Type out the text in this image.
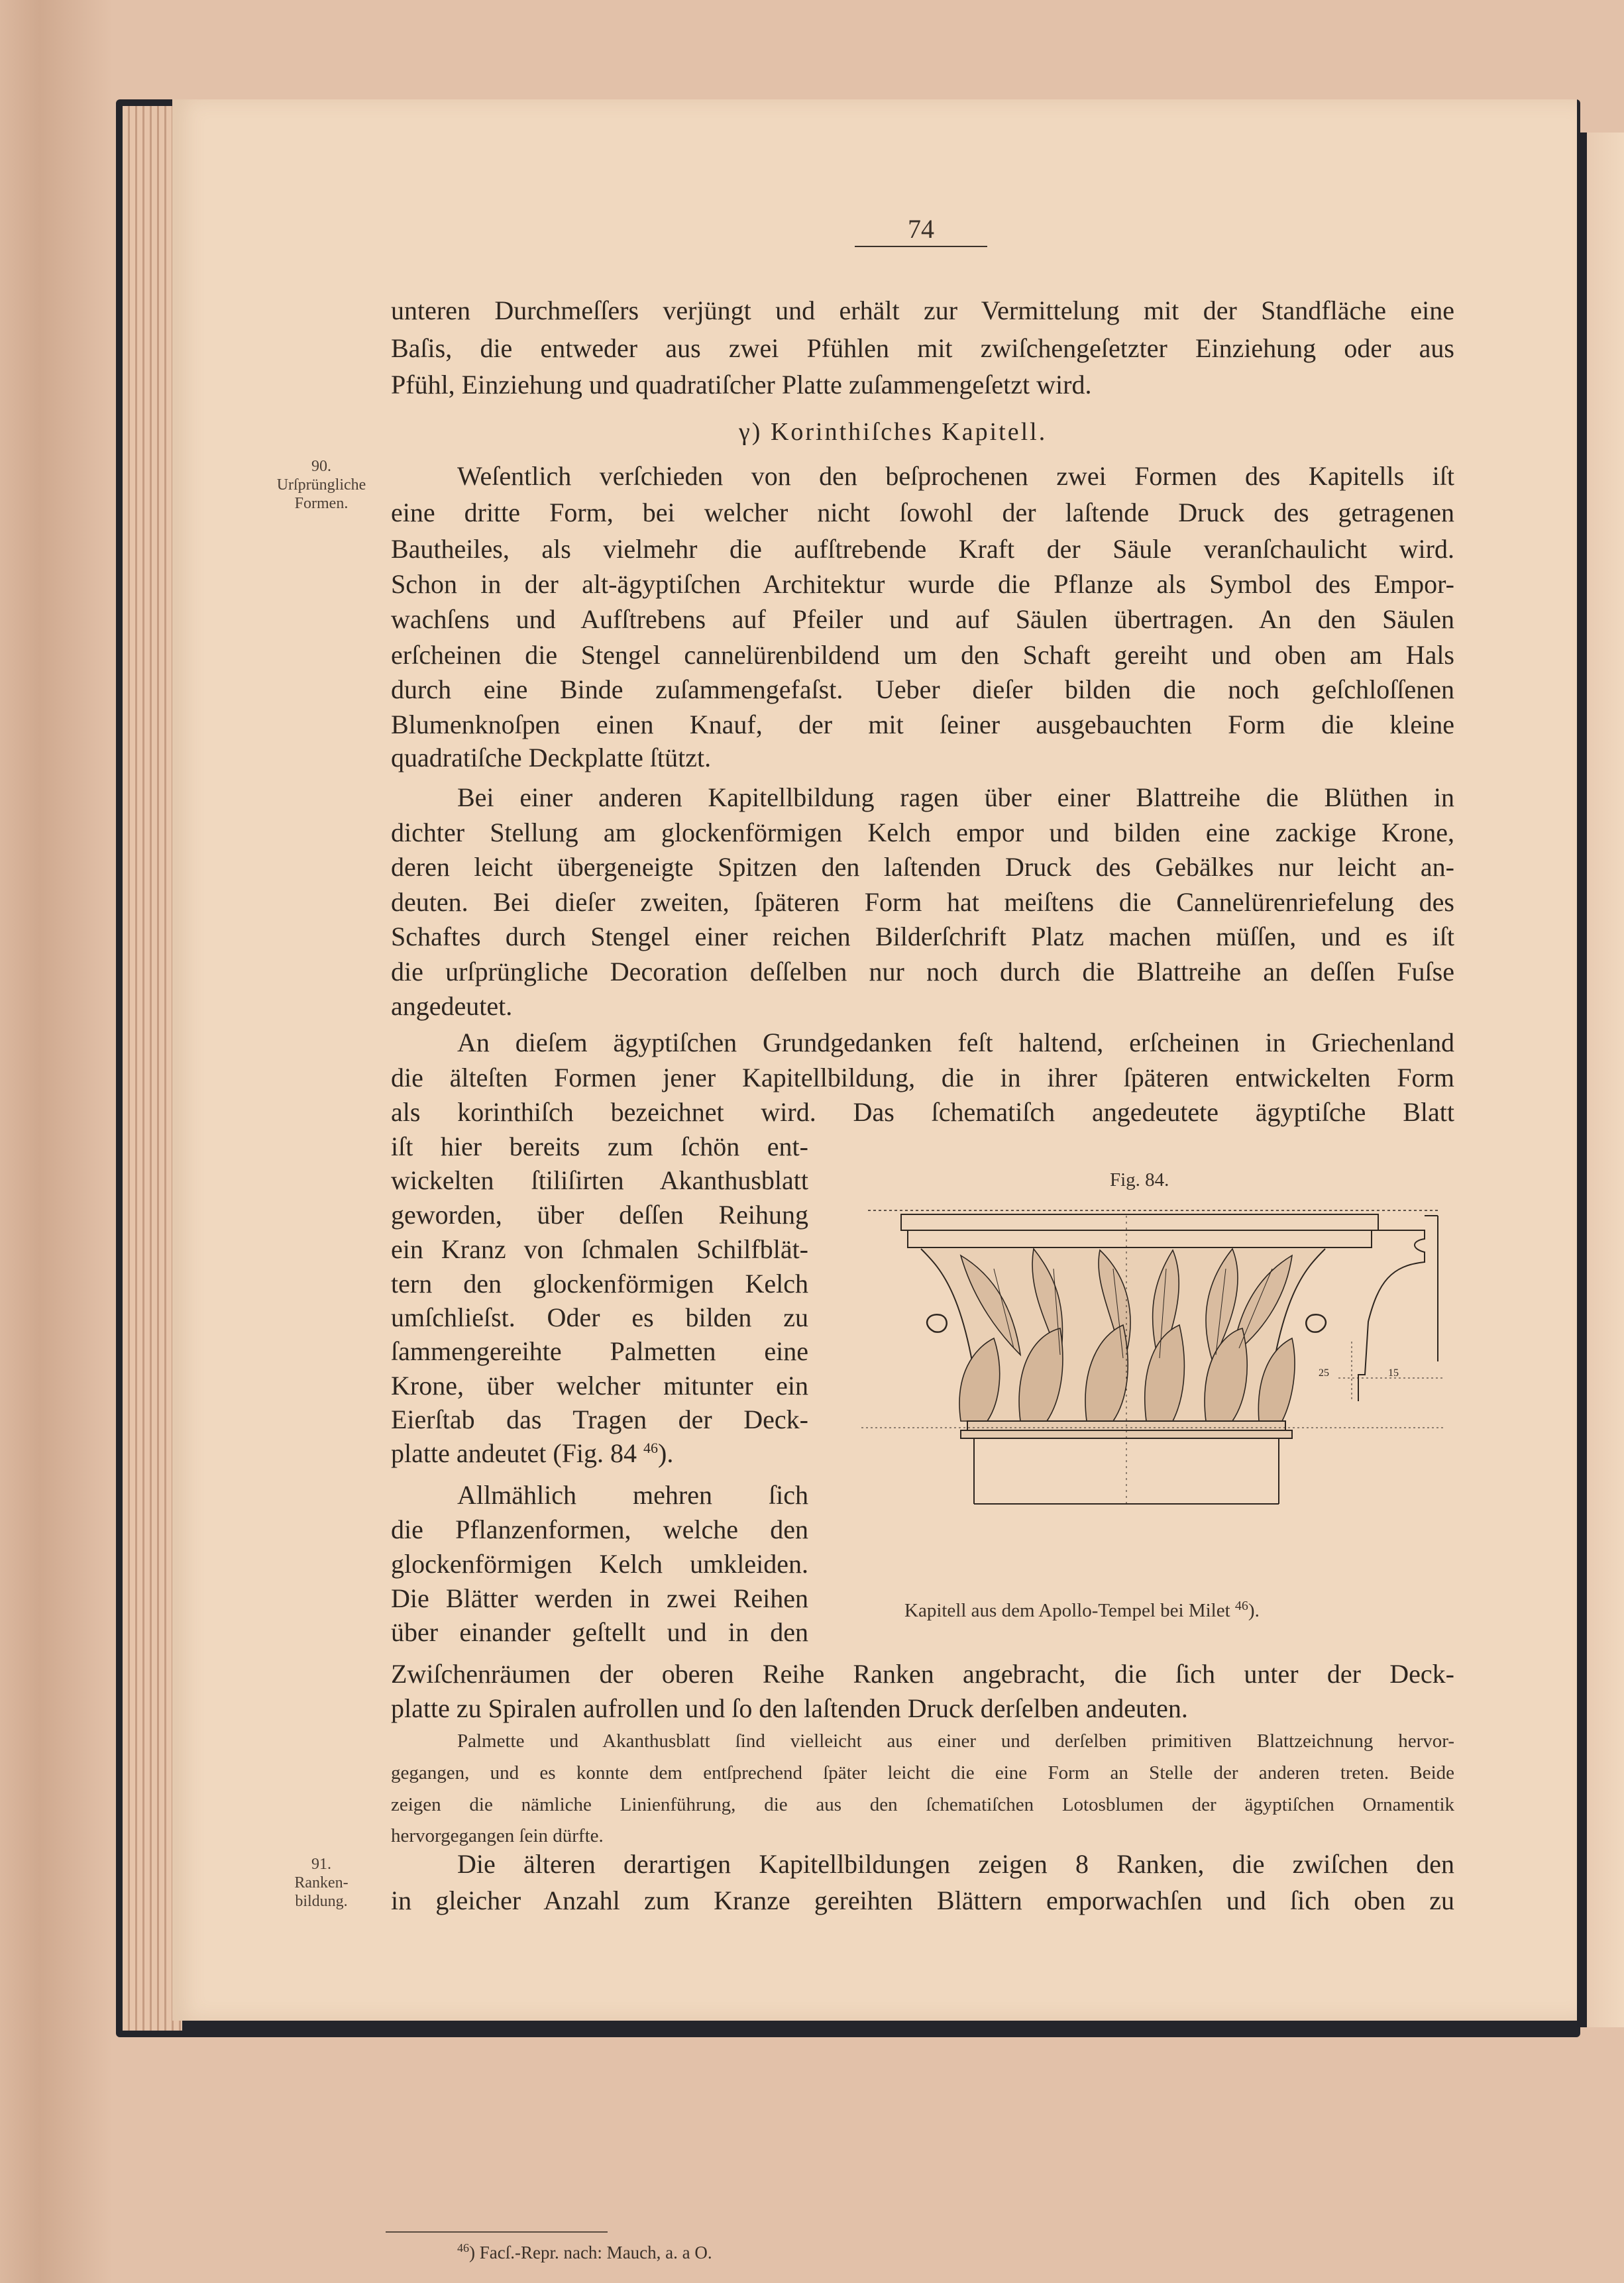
74
unteren Durchmeſſers verjüngt und erhält zur Vermittelung mit der Standfläche eine
Baſis, die entweder aus zwei Pfühlen mit zwiſchengeſetzter Einziehung oder aus
Pfühl, Einziehung und quadratiſcher Platte zuſammengeſetzt wird.
γ) Korinthiſches Kapitell.
90.
Urſprüngliche
Formen.
Weſentlich verſchieden von den beſprochenen zwei Formen des Kapitells iſt
eine dritte Form, bei welcher nicht ſowohl der laſtende Druck des getragenen
Bautheiles, als vielmehr die aufſtrebende Kraft der Säule veranſchaulicht wird.
Schon in der alt-ägyptiſchen Architektur wurde die Pflanze als Symbol des Empor-
wachſens und Aufſtrebens auf Pfeiler und auf Säulen übertragen. An den Säulen
erſcheinen die Stengel cannelürenbildend um den Schaft gereiht und oben am Hals
durch eine Binde zuſammengefaſst. Ueber dieſer bilden die noch geſchloſſenen
Blumenknoſpen einen Knauf, der mit ſeiner ausgebauchten Form die kleine
quadratiſche Deckplatte ſtützt.
Bei einer anderen Kapitellbildung ragen über einer Blattreihe die Blüthen in
dichter Stellung am glockenförmigen Kelch empor und bilden eine zackige Krone,
deren leicht übergeneigte Spitzen den laſtenden Druck des Gebälkes nur leicht an-
deuten. Bei dieſer zweiten, ſpäteren Form hat meiſtens die Cannelürenriefelung des
Schaftes durch Stengel einer reichen Bilderſchrift Platz machen müſſen, und es iſt
die urſprüngliche Decoration deſſelben nur noch durch die Blattreihe an deſſen Fuſse
angedeutet.
An dieſem ägyptiſchen Grundgedanken feſt haltend, erſcheinen in Griechenland
die älteſten Formen jener Kapitellbildung, die in ihrer ſpäteren entwickelten Form
als korinthiſch bezeichnet wird. Das ſchematiſch angedeutete ägyptiſche Blatt
iſt hier bereits zum ſchön ent-
wickelten ſtiliſirten Akanthusblatt
geworden, über deſſen Reihung
ein Kranz von ſchmalen Schilfblät-
tern den glockenförmigen Kelch
umſchlieſst. Oder es bilden zu
ſammengereihte Palmetten eine
Krone, über welcher mitunter ein
Eierſtab das Tragen der Deck-
platte andeutet (Fig. 84 $^{46}$).
Allmählich mehren ſich
die Pflanzenformen, welche den
glockenförmigen Kelch umkleiden.
Die Blätter werden in zwei Reihen
über einander geſtellt und in den
Zwiſchenräumen der oberen Reihe Ranken angebracht, die ſich unter der Deck-
platte zu Spiralen aufrollen und ſo den laſtenden Druck derſelben andeuten.
Palmette und Akanthusblatt ſind vielleicht aus einer und derſelben primitiven Blattzeichnung hervor-
gegangen, und es konnte dem entſprechend ſpäter leicht die eine Form an Stelle der anderen treten. Beide
zeigen die nämliche Linienführung, die aus den ſchematiſchen Lotosblumen der ägyptiſchen Ornamentik
hervorgegangen ſein dürfte.
91.
Ranken-
bildung.
Die älteren derartigen Kapitellbildungen zeigen 8 Ranken, die zwiſchen den
in gleicher Anzahl zum Kranze gereihten Blättern emporwachſen und ſich oben zu
$^{46}$) Facſ.-Repr. nach: Mauch, a. a O.
Fig. 84.
Kapitell aus dem Apollo-Tempel bei Milet $^{46}$).
25	15
